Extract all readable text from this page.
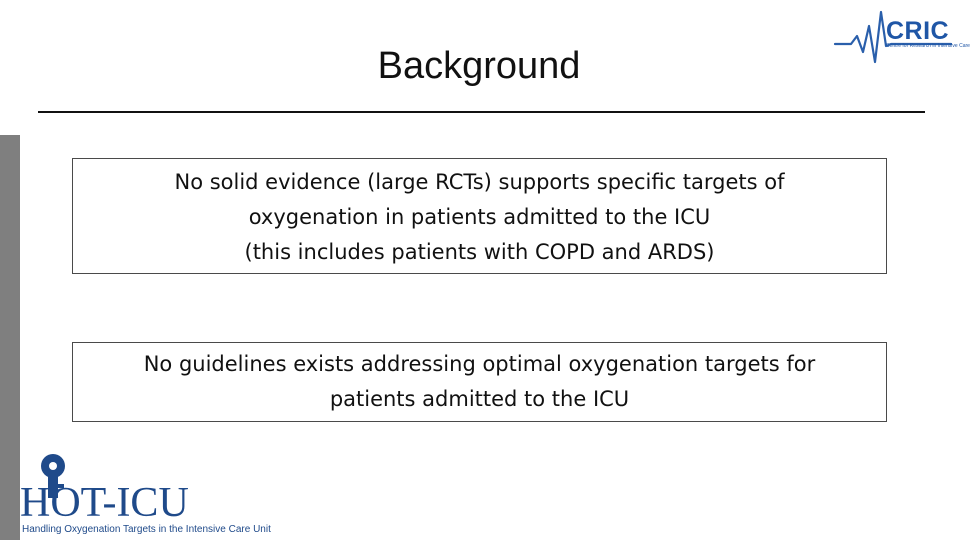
Background
CRIC
Centre for Research in Intensive Care
No solid evidence (large RCTs) supports specific targets of
oxygenation in patients admitted to the ICU
(this includes patients with COPD and ARDS)
No guidelines exists addressing optimal oxygenation targets for
patients admitted to the ICU
HOT-ICU
Handling Oxygenation Targets in the Intensive Care Unit
